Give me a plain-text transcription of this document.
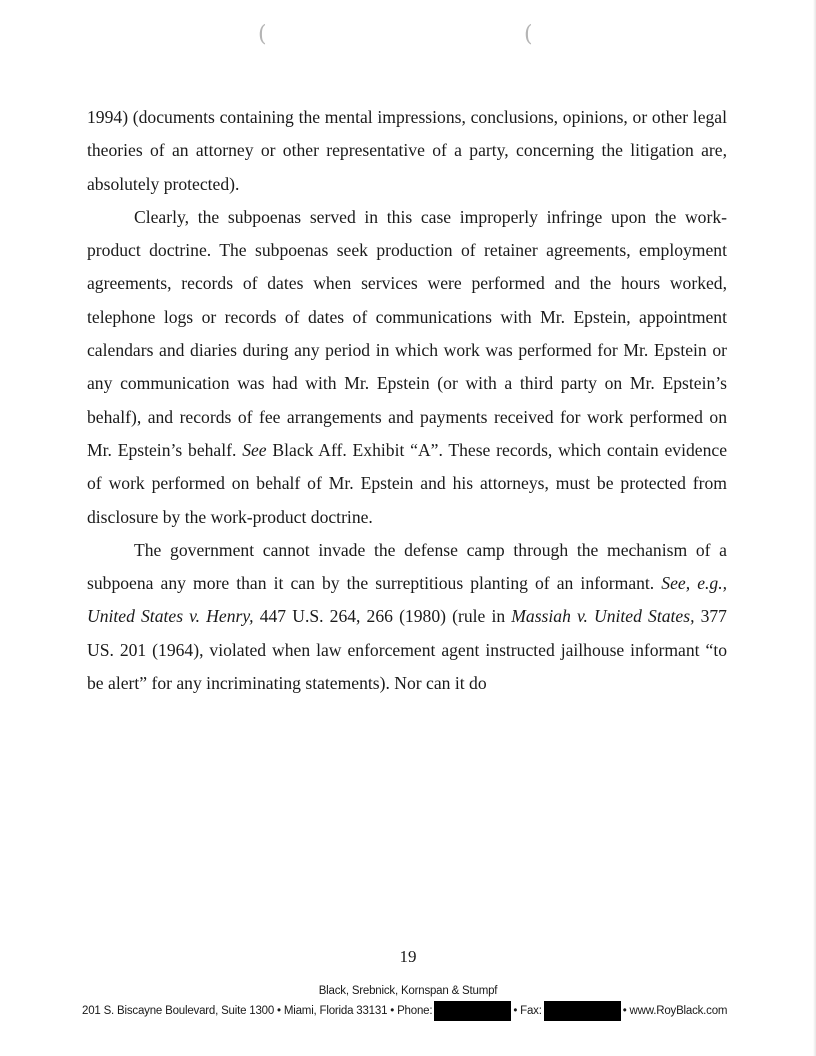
(	(

1994) (documents containing the mental impressions, conclusions, opinions, or other legal theories of an attorney or other representative of a party, concerning the litigation are, absolutely protected).

Clearly, the subpoenas served in this case improperly infringe upon the work-product doctrine. The subpoenas seek production of retainer agreements, employment agreements, records of dates when services were performed and the hours worked, telephone logs or records of dates of communications with Mr. Epstein, appointment calendars and diaries during any period in which work was performed for Mr. Epstein or any communication was had with Mr. Epstein (or with a third party on Mr. Epstein’s behalf), and records of fee arrangements and payments received for work performed on Mr. Epstein’s behalf. See Black Aff. Exhibit “A”. These records, which contain evidence of work performed on behalf of Mr. Epstein and his attorneys, must be protected from disclosure by the work-product doctrine.

The government cannot invade the defense camp through the mechanism of a subpoena any more than it can by the surreptitious planting of an informant. See, e.g., United States v. Henry, 447 U.S. 264, 266 (1980) (rule in Massiah v. United States, 377 US. 201 (1964), violated when law enforcement agent instructed jailhouse informant “to be alert” for any incriminating statements). Nor can it do

19
Black, Srebnick, Kornspan & Stumpf
201 S. Biscayne Boulevard, Suite 1300 • Miami, Florida 33131 • Phone:	• Fax:	• www.RoyBlack.com
